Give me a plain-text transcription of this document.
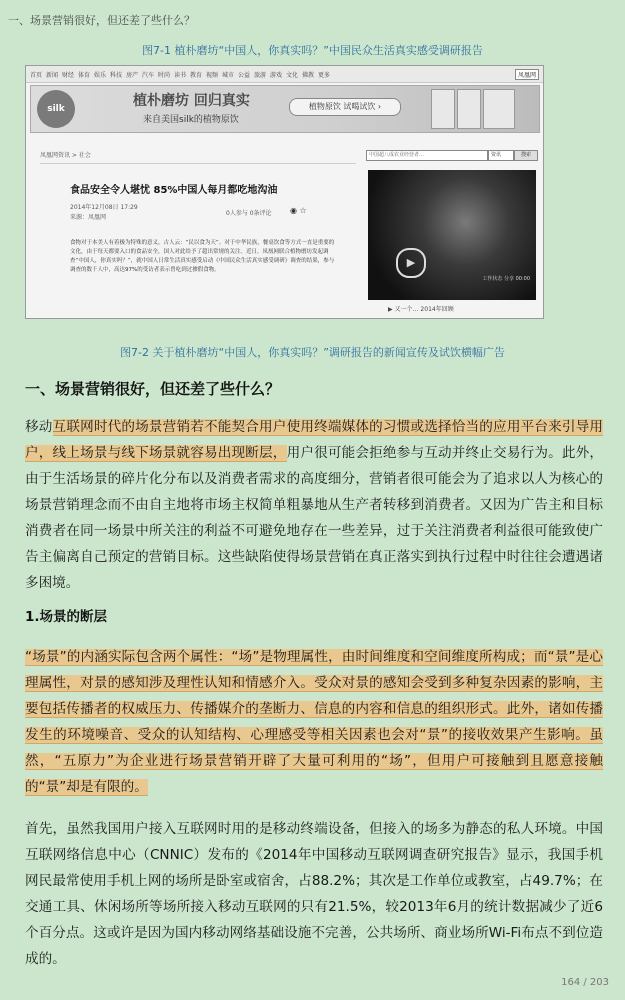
一、场景营销很好，但还差了些什么？
图7-1 植朴磨坊“中国人，你真实吗？”中国民众生活真实感受调研报告
首页 新闻 财经 体育 娱乐 科技 房产 汽车 时尚 读书 教育 视频 城市 公益 旅游 游戏 文化 佛教 更多	凤凰网
silk	植朴磨坊 回归真实
来自美国silk的植物原饮
植物原饮 试喝试饮 ›
凤凰网资讯 > 社会	中国超八成农业经营者…	资讯	搜索
食品安全令人堪忧 85%中国人每月都吃地沟油
2014年12月08日 17:29
来源：凤凰网
0人参与 0条评论 ◉ ☆

食物对于本美人有着极为特殊的意义。古人云：“民以食为天”。对于中华民族，餐桌饮食等方式一直是重要的文化，由于每天都要入口的食品安全，国人对此给予了超出常规的关注。近日，凤凰网联合植物磨坊发起调查“中国人，你真实吗？”，就中国人日常生活真实感受启动《中国民众生活真实感受调研》调查的结果，参与调查的数千人中，高达97%的受访者表示曾吃到过掺假食物。

▶
工作状态 分享 00:00
▶ 又一个… 2014年回顾
图7-2 关于植朴磨坊“中国人，你真实吗？”调研报告的新闻宣传及试饮横幅广告
一、场景营销很好，但还差了些什么？
移动互联网时代的场景营销若不能契合用户使用终端媒体的习惯或选择恰当的应用平台来引导用户，线上场景与线下场景就容易出现断层，用户很可能会拒绝参与互动并终止交易行为。此外，由于生活场景的碎片化分布以及消费者需求的高度细分，营销者很可能会为了追求以人为核心的场景营销理念而不由自主地将市场主权简单粗暴地从生产者转移到消费者。又因为广告主和目标消费者在同一场景中所关注的利益不可避免地存在一些差异，过于关注消费者利益很可能致使广告主偏离自己预定的营销目标。这些缺陷使得场景营销在真正落实到执行过程中时往往会遭遇诸多困境。
1.场景的断层
“场景”的内涵实际包含两个属性：“场”是物理属性，由时间维度和空间维度所构成；而“景”是心理属性，对景的感知涉及理性认知和情感介入。受众对景的感知会受到多种复杂因素的影响，主要包括传播者的权威压力、传播媒介的垄断力、信息的内容和信息的组织形式。此外，诸如传播发生的环境噪音、受众的认知结构、心理感受等相关因素也会对“景”的接收效果产生影响。虽然，“五原力”为企业进行场景营销开辟了大量可利用的“场”，但用户可接触到且愿意接触的“景”却是有限的。
首先，虽然我国用户接入互联网时用的是移动终端设备，但接入的场多为静态的私人环境。中国互联网络信息中心（CNNIC）发布的《2014年中国移动互联网调查研究报告》显示，我国手机网民最常使用手机上网的场所是卧室或宿舍，占88.2%；其次是工作单位或教室，占49.7%；在交通工具、休闲场所等场所接入移动互联网的只有21.5%，较2013年6月的统计数据减少了近6个百分点。这或许是因为国内移动网络基础设施不完善，公共场所、商业场所Wi-Fi布点不到位造成的。
164 / 203
